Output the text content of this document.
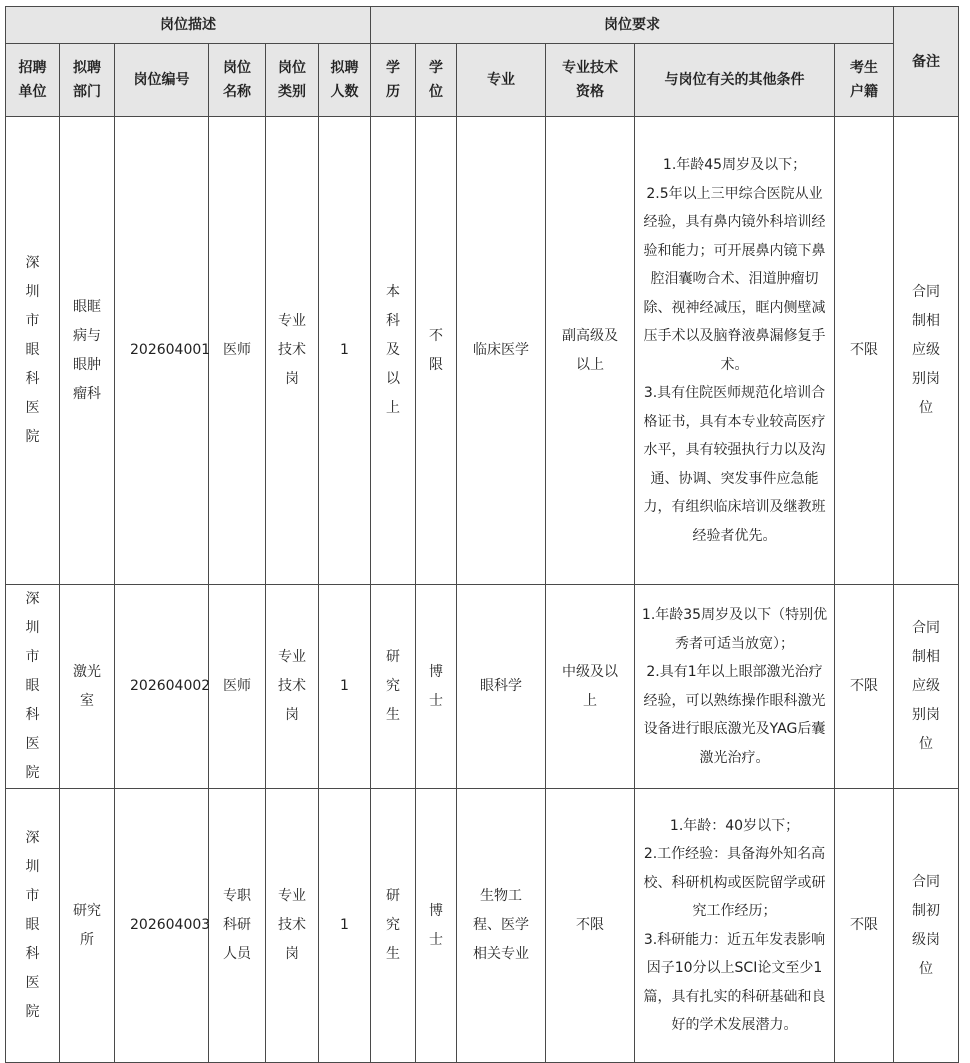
岗位描述						岗位要求						备注
招聘单位	拟聘部门	岗位编号	岗位名称	岗位类别	拟聘人数	学历	学位	专业	专业技术资格	与岗位有关的其他条件	考生户籍	
深圳市眼科医院	眼眶病与眼肿瘤科	202604001	医师	专业技术岗	1	本科及以上	不限	临床医学	副高级及以上	1.年龄45周岁及以下；
2.5年以上三甲综合医院从业经验，具有鼻内镜外科培训经验和能力；可开展鼻内镜下鼻腔泪囊吻合术、泪道肿瘤切除、视神经减压，眶内侧壁减压手术以及脑脊液鼻漏修复手术。
3.具有住院医师规范化培训合格证书，具有本专业较高医疗水平，具有较强执行力以及沟通、协调、突发事件应急能力，有组织临床培训及继教班经验者优先。	不限	合同制相应级别岗位
深圳市眼科医院	激光室	202604002	医师	专业技术岗	1	研究生	博士	眼科学	中级及以上	1.年龄35周岁及以下（特别优秀者可适当放宽）；
2.具有1年以上眼部激光治疗经验，可以熟练操作眼科激光设备进行眼底激光及YAG后囊激光治疗。	不限	合同制相应级别岗位
深圳市眼科医院	研究所	202604003	专职科研人员	专业技术岗	1	研究生	博士	生物工程、医学相关专业	不限	1.年龄：40岁以下；
2.工作经验：具备海外知名高校、科研机构或医院留学或研究工作经历；
3.科研能力：近五年发表影响因子10分以上SCI论文至少1篇，具有扎实的科研基础和良好的学术发展潜力。	不限	合同制初级岗位
